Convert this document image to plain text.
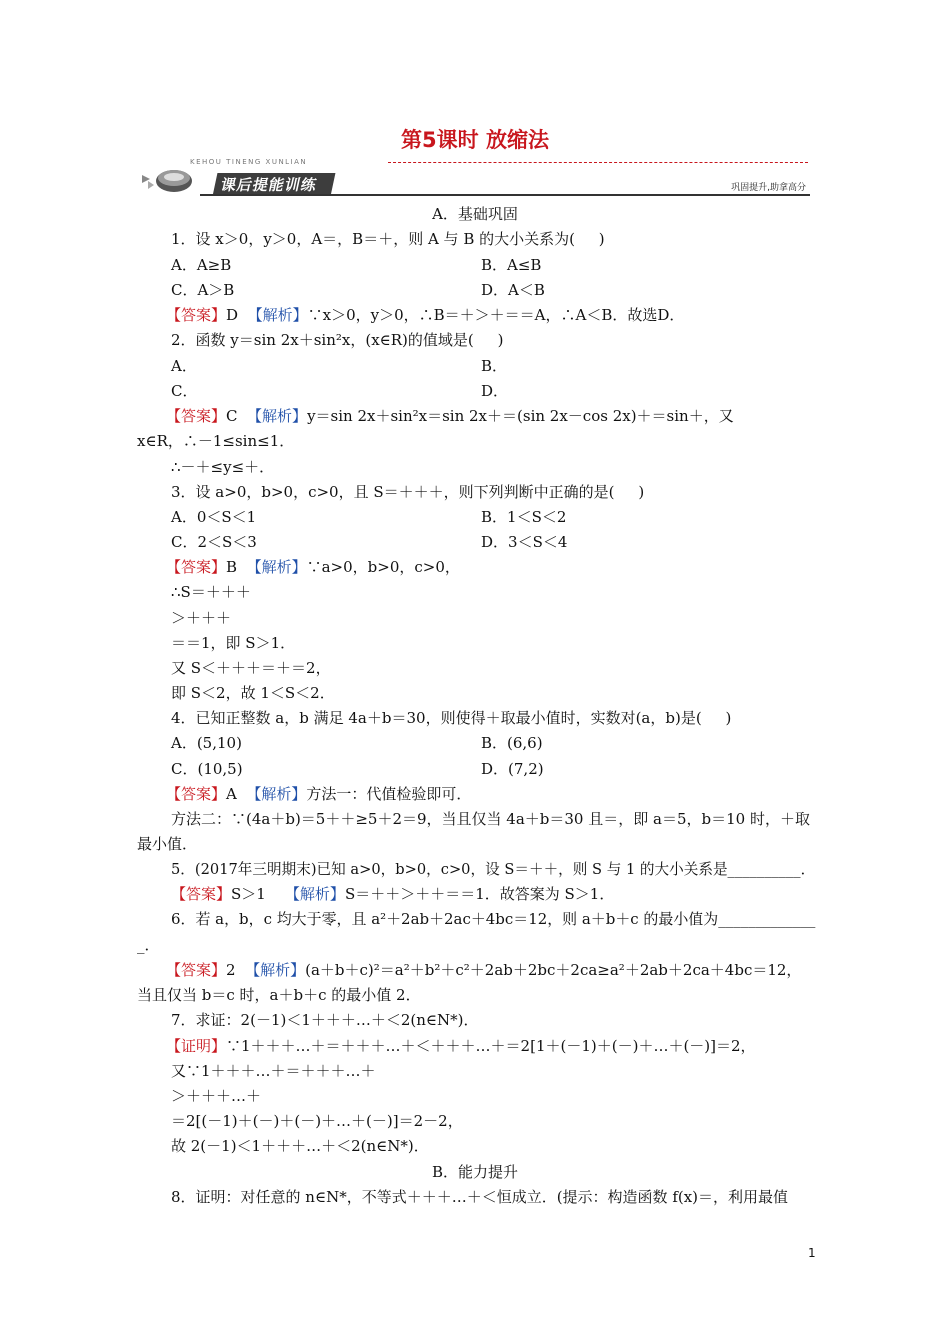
第5课时 放缩法
KEHOU TINENG XUNLIAN
课后提能训练	巩固提升,助拿高分
A．基础巩固
1．设 x＞0，y＞0，A＝，B＝＋，则 A 与 B 的大小关系为(     )
A．A≥B	B．A≤B
C．A＞B	D．A＜B
【答案】D 【解析】∵x＞0，y＞0，∴B＝＋＞＋＝＝A，∴A＜B．故选D．
2．函数 y＝sin 2x＋sin²x，(x∈R)的值域是(     )
A．	B．
C．	D．
【答案】C 【解析】y＝sin 2x＋sin²x＝sin 2x＋＝(sin 2x－cos 2x)＋＝sin＋，又
x∈R，∴－1≤sin≤1．
∴－＋≤y≤＋．
3．设 a>0，b>0，c>0，且 S＝＋＋＋，则下列判断中正确的是(     )
A．0＜S＜1	B．1＜S＜2
C．2＜S＜3	D．3＜S＜4
【答案】B 【解析】∵a>0，b>0，c>0，
∴S＝＋＋＋
＞＋＋＋
＝＝1，即 S＞1．
又 S＜＋＋＋＝＋＝2，
即 S＜2，故 1＜S＜2．
4．已知正整数 a，b 满足 4a＋b＝30，则使得＋取最小值时，实数对(a，b)是(     )
A．(5,10)	B．(6,6)
C．(10,5)	D．(7,2)
【答案】A 【解析】方法一：代值检验即可．
方法二：∵(4a＋b)＝5＋＋≥5＋2＝9，当且仅当 4a＋b＝30 且＝，即 a＝5，b＝10 时，＋取
最小值．
5．(2017年三明期末)已知 a>0，b>0，c>0，设 S＝＋＋，则 S 与 1 的大小关系是__________．
【答案】S＞1 【解析】S＝＋＋＞＋＋＝＝1．故答案为 S＞1．
6．若 a，b，c 均大于零，且 a²＋2ab＋2ac＋4bc＝12，则 a＋b＋c 的最小值为_____________
_．
【答案】2 【解析】(a＋b＋c)²＝a²＋b²＋c²＋2ab＋2bc＋2ca≥a²＋2ab＋2ca＋4bc＝12，
当且仅当 b＝c 时，a＋b＋c 的最小值 2．
7．求证：2(－1)＜1＋＋＋…＋＜2(n∈N*)．
【证明】∵1＋＋＋…＋＝＋＋＋…＋＜＋＋＋…＋＝2[1＋(－1)＋(－)＋…＋(－)]＝2，
又∵1＋＋＋…＋＝＋＋＋…＋
＞＋＋＋…＋
＝2[(－1)＋(－)＋(－)＋…＋(－)]＝2－2，
故 2(－1)＜1＋＋＋…＋＜2(n∈N*)．
B．能力提升
8．证明：对任意的 n∈N*，不等式＋＋＋…＋＜恒成立．(提示：构造函数 f(x)＝，利用最值
1
